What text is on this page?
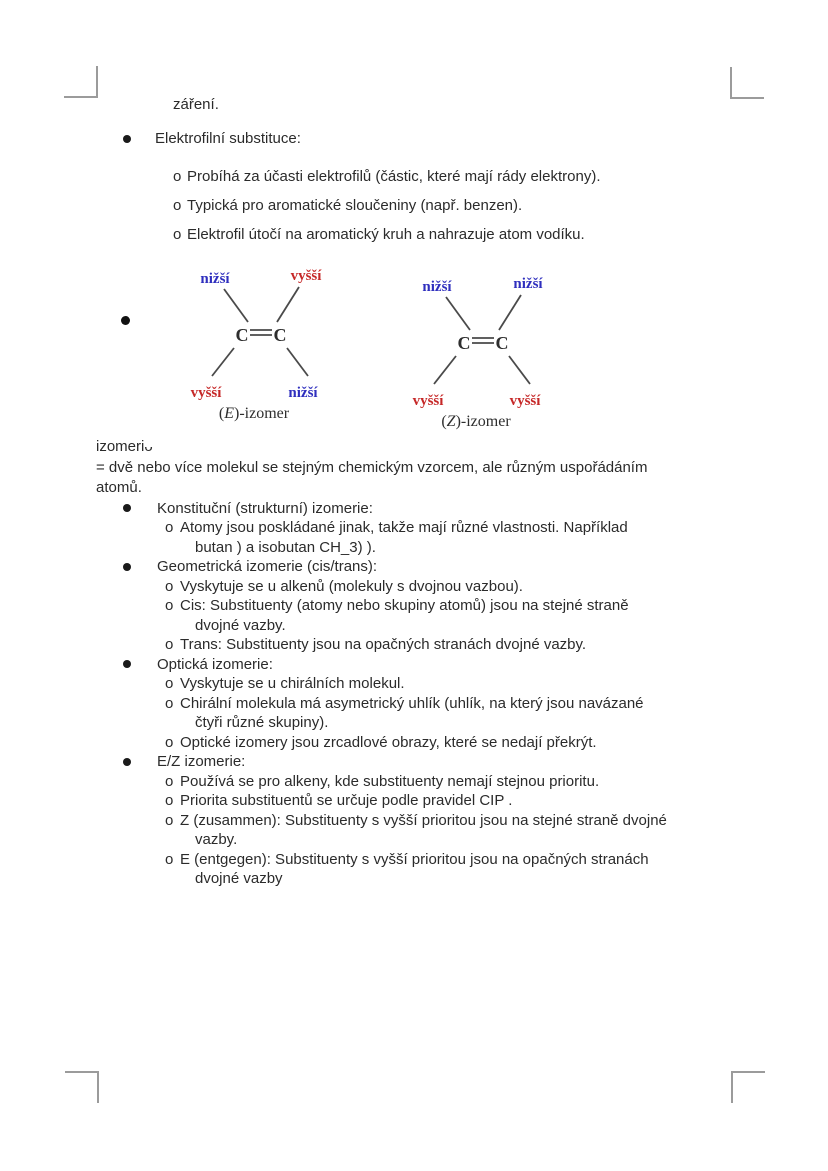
záření.
Elektrofilní substituce:
o Probíhá za účasti elektrofilů (částic, které mají rády elektrony).
o Typická pro aromatické sloučeniny (např. benzen).
o Elektrofil útočí na aromatický kruh a nahrazuje atom vodíku.
nižší	vyšší
C C
vyšší	nižší
(E)-izomer
nižší	nižší
C C
vyšší	vyšší
(Z)-izomer
izomeriᴗ
= dvě nebo více molekul se stejným chemickým vzorcem, ale různým uspořádáním
atomů.
Konstituční (strukturní) izomerie:
o Atomy jsou poskládané jinak, takže mají různé vlastnosti. Například
butan ) a isobutan CH_3) ).
Geometrická izomerie (cis/trans):
o Vyskytuje se u alkenů (molekuly s dvojnou vazbou).
o Cis: Substituenty (atomy nebo skupiny atomů) jsou na stejné straně
dvojné vazby.
o Trans: Substituenty jsou na opačných stranách dvojné vazby.
Optická izomerie:
o Vyskytuje se u chirálních molekul.
o Chirální molekula má asymetrický uhlík (uhlík, na který jsou navázané
čtyři různé skupiny).
o Optické izomery jsou zrcadlové obrazy, které se nedají překrýt.
E/Z izomerie:
o Používá se pro alkeny, kde substituenty nemají stejnou prioritu.
o Priorita substituentů se určuje podle pravidel CIP .
o Z (zusammen): Substituenty s vyšší prioritou jsou na stejné straně dvojné
vazby.
o E (entgegen): Substituenty s vyšší prioritou jsou na opačných stranách
dvojné vazby
